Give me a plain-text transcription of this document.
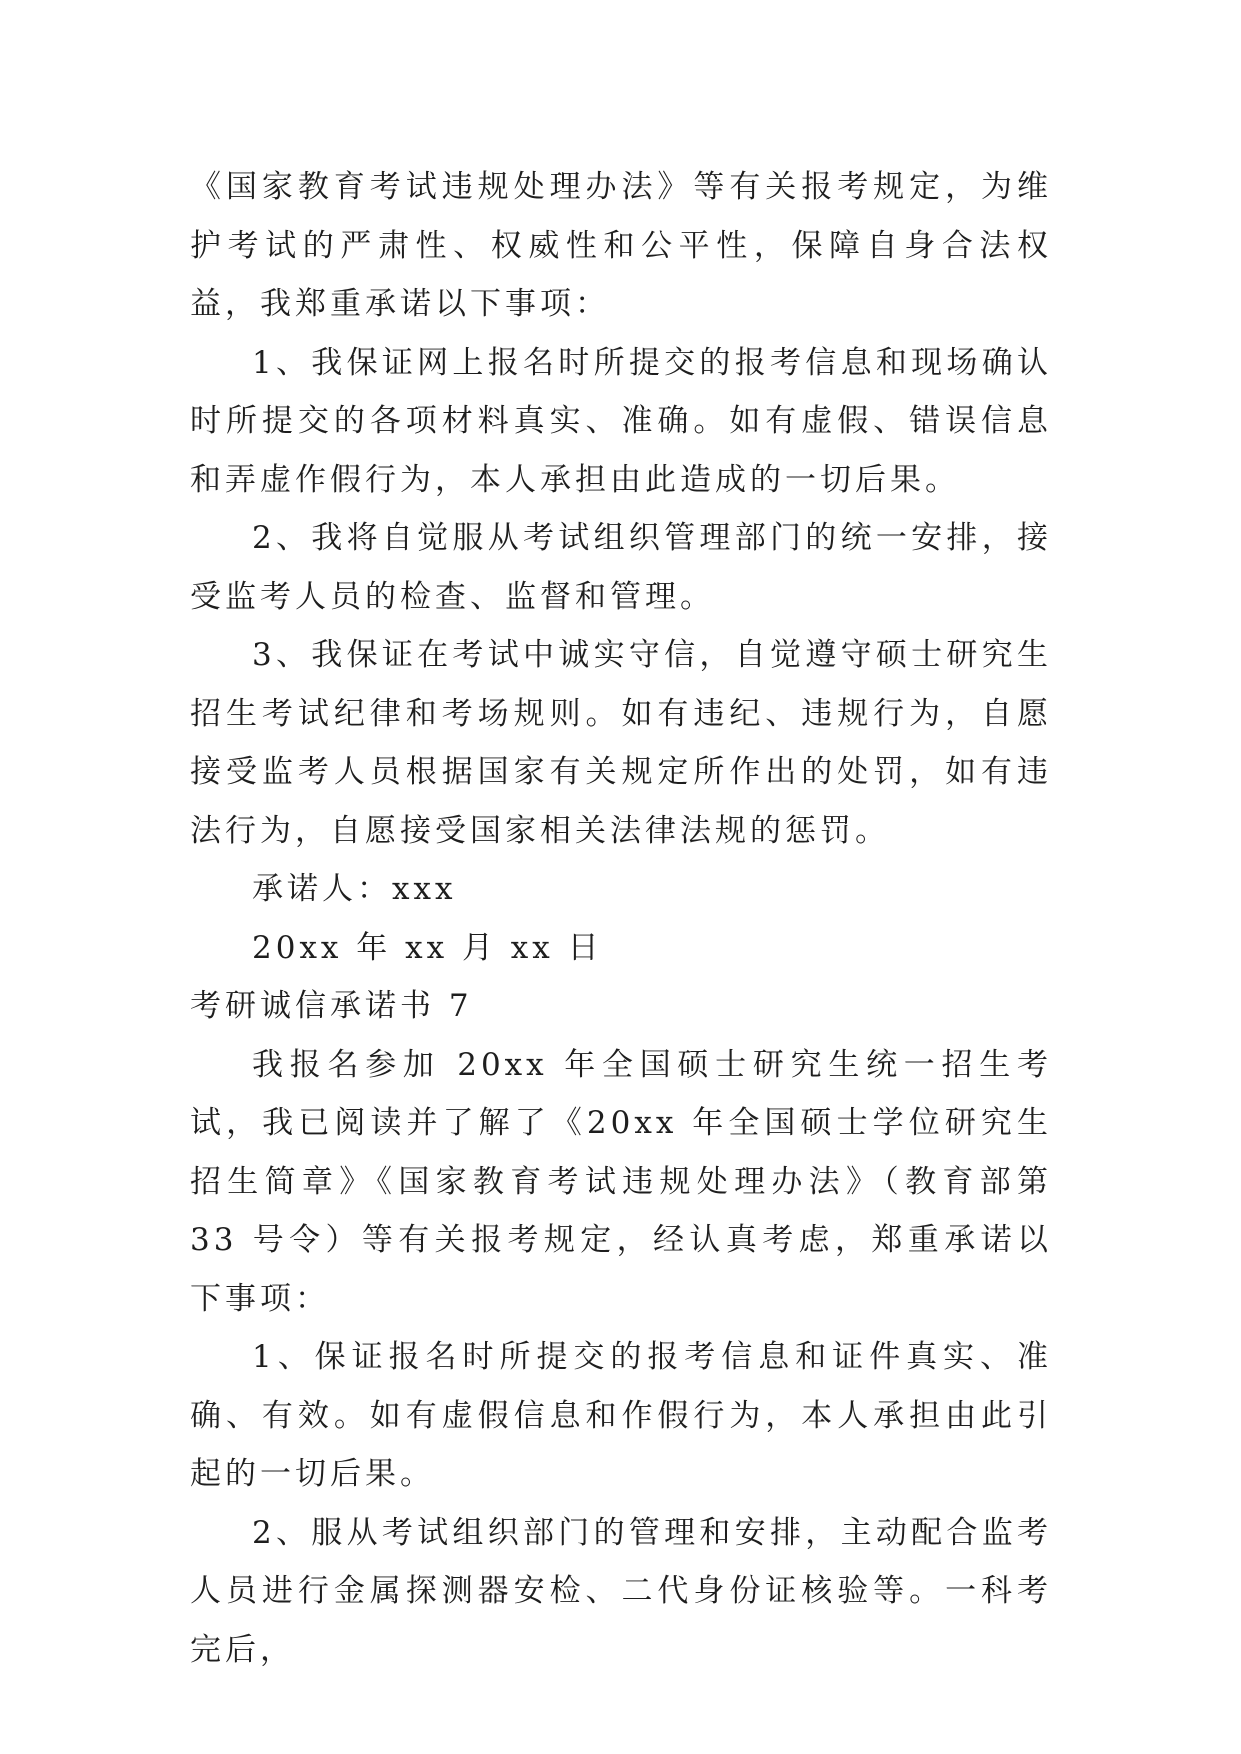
《国家教育考试违规处理办法》等有关报考规定，为维护考试的严肃性、权威性和公平性，保障自身合法权益，我郑重承诺以下事项：

1、我保证网上报名时所提交的报考信息和现场确认时所提交的各项材料真实、准确。如有虚假、错误信息和弄虚作假行为，本人承担由此造成的一切后果。

2、我将自觉服从考试组织管理部门的统一安排，接受监考人员的检查、监督和管理。

3、我保证在考试中诚实守信，自觉遵守硕士研究生招生考试纪律和考场规则。如有违纪、违规行为，自愿接受监考人员根据国家有关规定所作出的处罚，如有违法行为，自愿接受国家相关法律法规的惩罚。

承诺人：xxx

20xx 年 xx 月 xx 日

考研诚信承诺书 7

我报名参加 20xx 年全国硕士研究生统一招生考试，我已阅读并了解了《20xx 年全国硕士学位研究生招生简章》《国家教育考试违规处理办法》（教育部第 33 号令）等有关报考规定，经认真考虑，郑重承诺以下事项：

1、保证报名时所提交的报考信息和证件真实、准确、有效。如有虚假信息和作假行为，本人承担由此引起的一切后果。

2、服从考试组织部门的管理和安排，主动配合监考人员进行金属探测器安检、二代身份证核验等。一科考完后，
